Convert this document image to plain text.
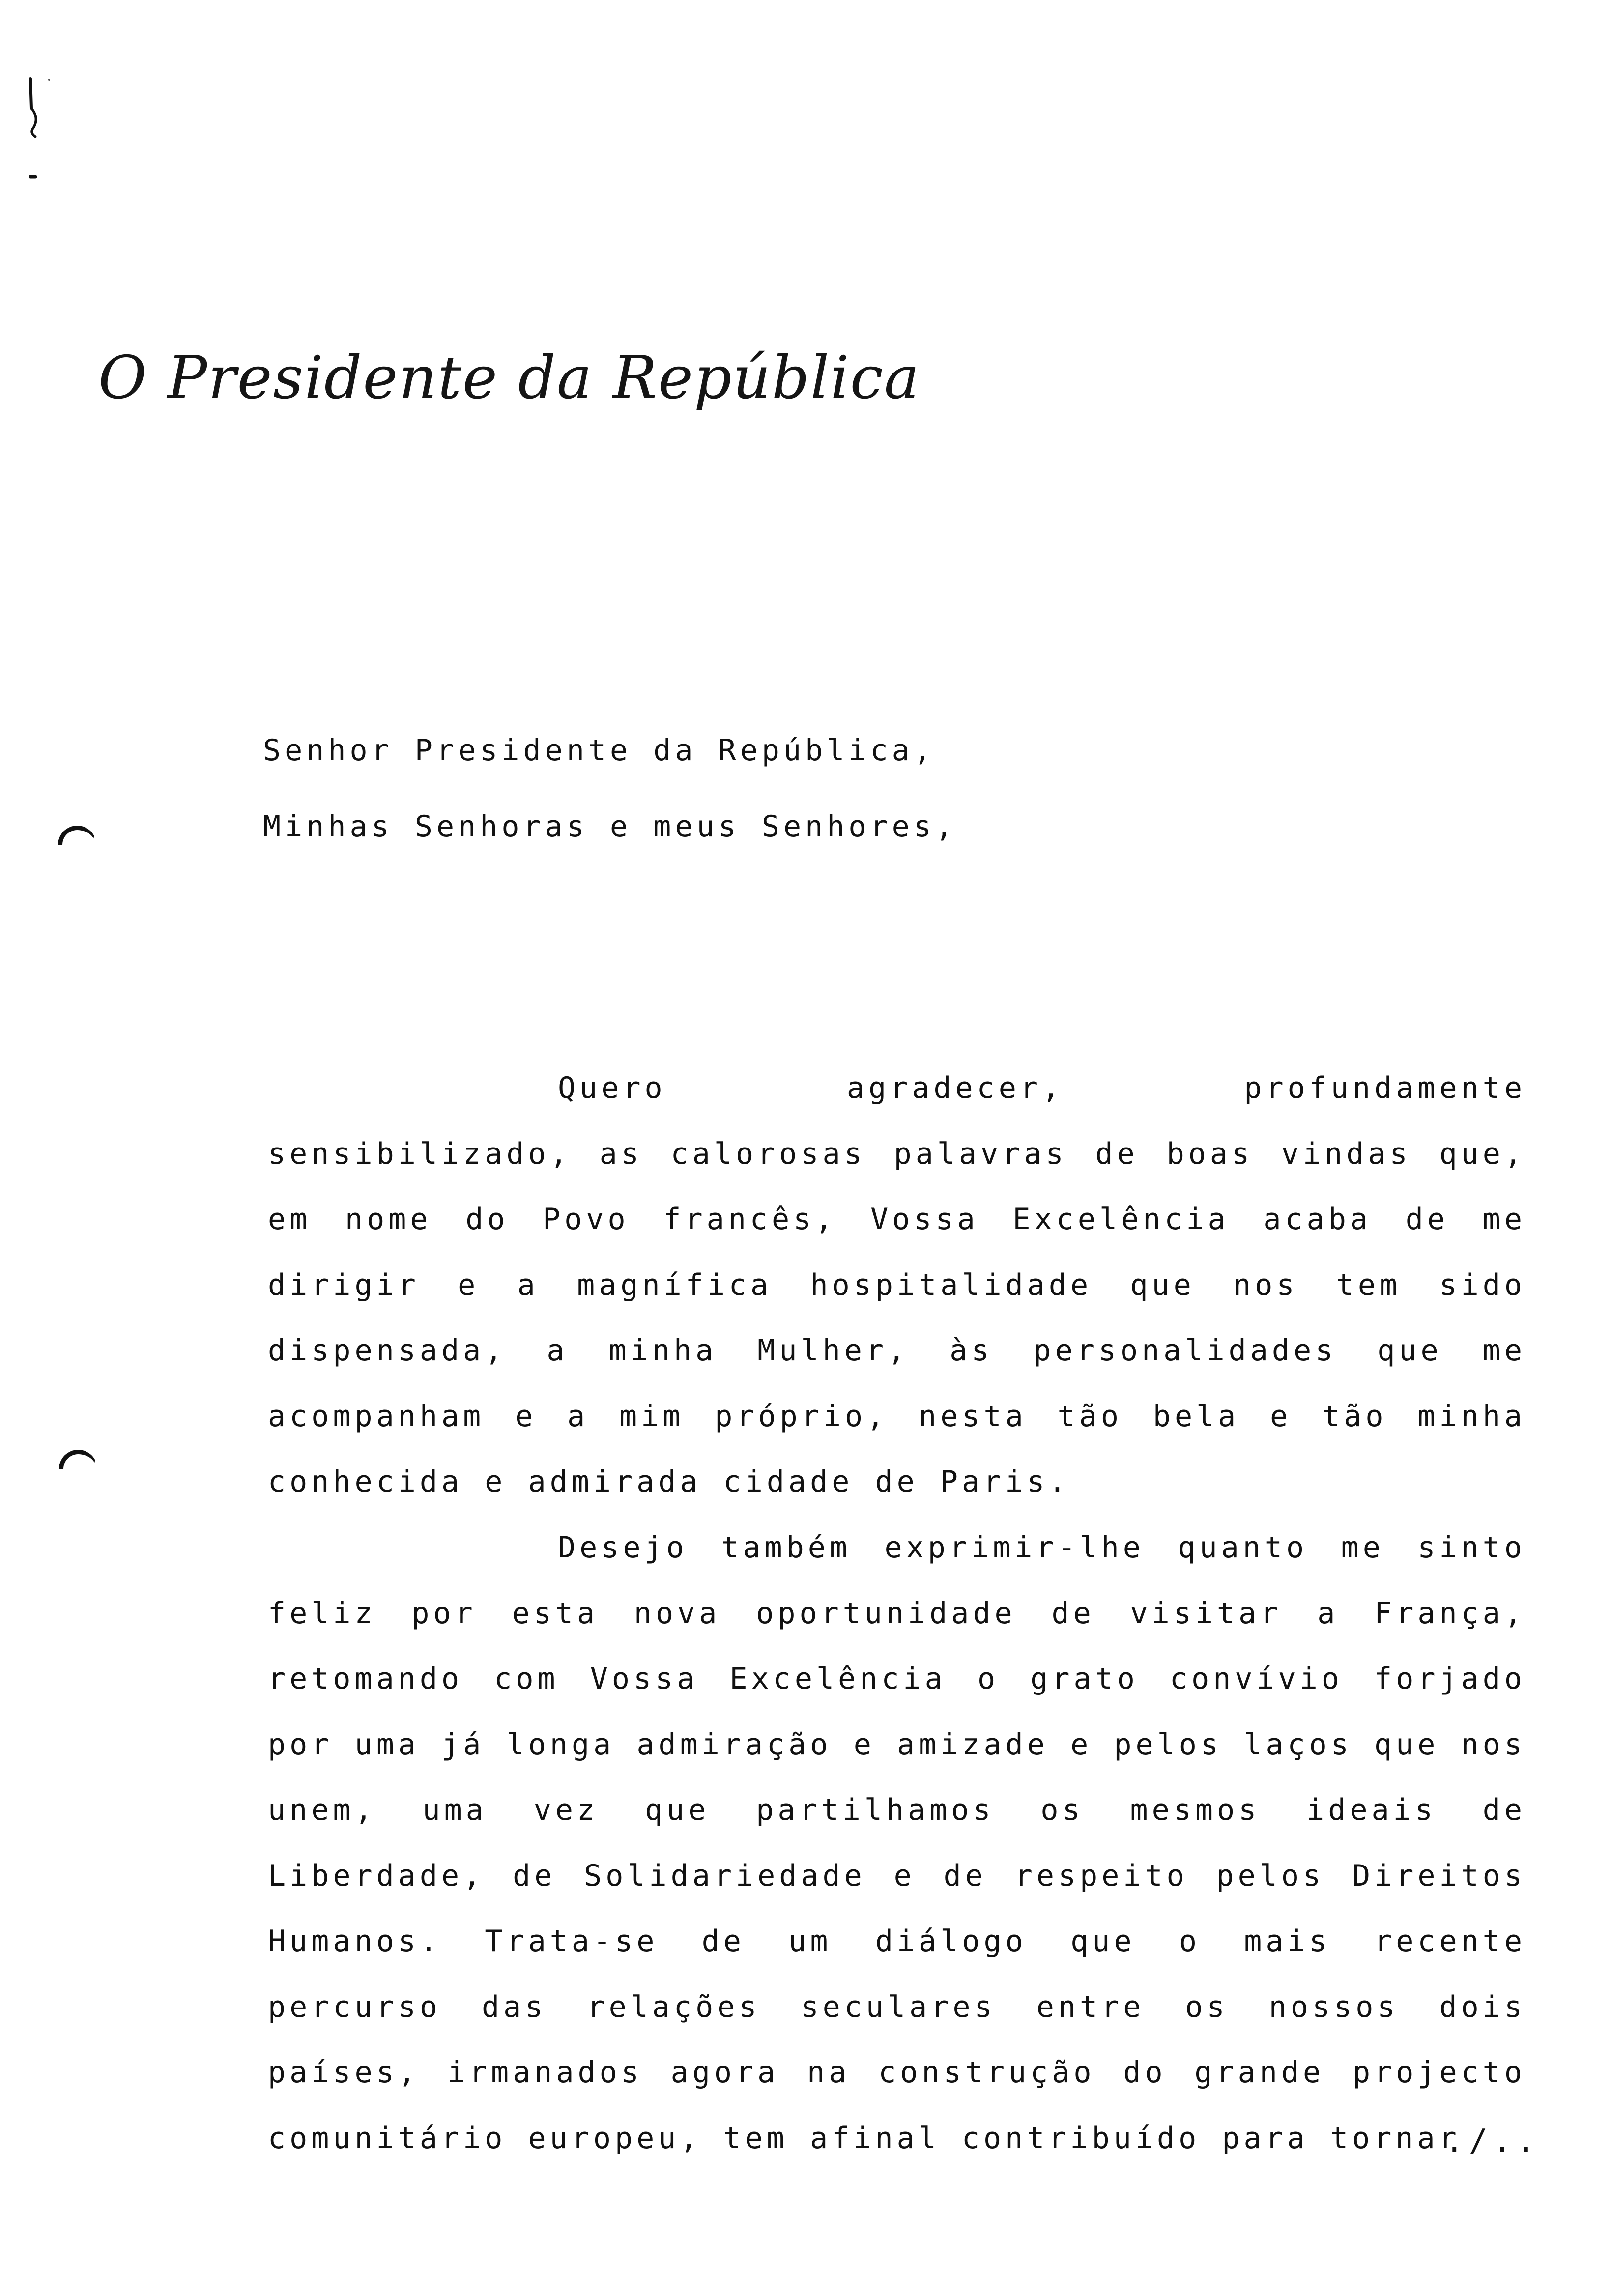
O Presidente da República

Senhor Presidente da República,

Minhas Senhoras e meus Senhores,

Quero agradecer, profundamente sensibilizado, as calorosas palavras de boas vindas que, em nome do Povo francês, Vossa Excelência acaba de me dirigir e a magnífica hospitalidade que nos tem sido dispensada, a minha Mulher, às personalidades que me acompanham e a mim próprio, nesta tão bela e tão minha conhecida e admirada cidade de Paris.

Desejo também exprimir-lhe quanto me sinto feliz por esta nova oportunidade de visitar a França, retomando com Vossa Excelência o grato convívio forjado por uma já longa admiração e amizade e pelos laços que nos unem, uma vez que partilhamos os mesmos ideais de Liberdade, de Solidariedade e de respeito pelos Direitos Humanos. Trata-se de um diálogo que o mais recente percurso das relações seculares entre os nossos dois países, irmanados agora na construção do grande projecto comunitário europeu, tem afinal contribuído para tornar

./..
